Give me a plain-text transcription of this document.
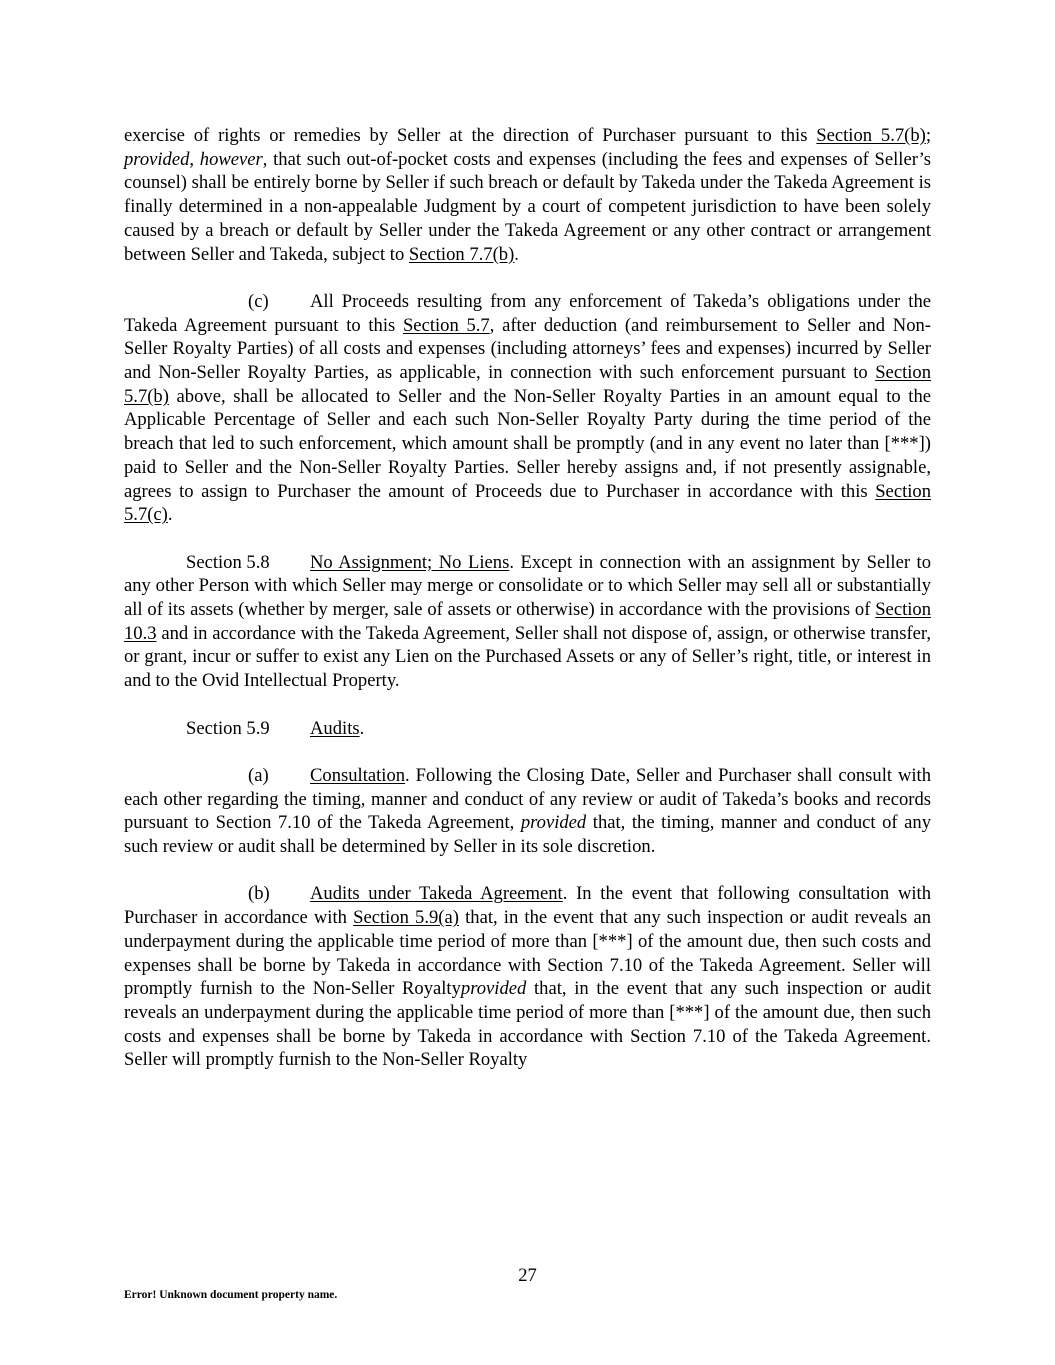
exercise of rights or remedies by Seller at the direction of Purchaser pursuant to this Section 5.7(b); provided, however, that such out-of-pocket costs and expenses (including the fees and expenses of Seller’s counsel) shall be entirely borne by Seller if such breach or default by Takeda under the Takeda Agreement is finally determined in a non-appealable Judgment by a court of competent jurisdiction to have been solely caused by a breach or default by Seller under the Takeda Agreement or any other contract or arrangement between Seller and Takeda, subject to Section 7.7(b).

(c) All Proceeds resulting from any enforcement of Takeda’s obligations under the Takeda Agreement pursuant to this Section 5.7, after deduction (and reimbursement to Seller and Non-Seller Royalty Parties) of all costs and expenses (including attorneys’ fees and expenses) incurred by Seller and Non-Seller Royalty Parties, as applicable, in connection with such enforcement pursuant to Section 5.7(b) above, shall be allocated to Seller and the Non-Seller Royalty Parties in an amount equal to the Applicable Percentage of Seller and each such Non-Seller Royalty Party during the time period of the breach that led to such enforcement, which amount shall be promptly (and in any event no later than [***]) paid to Seller and the Non-Seller Royalty Parties. Seller hereby assigns and, if not presently assignable, agrees to assign to Purchaser the amount of Proceeds due to Purchaser in accordance with this Section 5.7(c).

Section 5.8 No Assignment; No Liens. Except in connection with an assignment by Seller to any other Person with which Seller may merge or consolidate or to which Seller may sell all or substantially all of its assets (whether by merger, sale of assets or otherwise) in accordance with the provisions of Section 10.3 and in accordance with the Takeda Agreement, Seller shall not dispose of, assign, or otherwise transfer, or grant, incur or suffer to exist any Lien on the Purchased Assets or any of Seller’s right, title, or interest in and to the Ovid Intellectual Property.

Section 5.9 Audits.

(a) Consultation. Following the Closing Date, Seller and Purchaser shall consult with each other regarding the timing, manner and conduct of any review or audit of Takeda’s books and records pursuant to Section 7.10 of the Takeda Agreement, provided that, the timing, manner and conduct of any such review or audit shall be determined by Seller in its sole discretion.

(b) Audits under Takeda Agreement. In the event that following consultation with Purchaser in accordance with Section 5.9(a) that, in the event that any such inspection or audit reveals an underpayment during the applicable time period of more than [***] of the amount due, then such costs and expenses shall be borne by Takeda in accordance with Section 7.10 of the Takeda Agreement. Seller will promptly furnish to the Non-Seller Royaltyprovided that, in the event that any such inspection or audit reveals an underpayment during the applicable time period of more than [***] of the amount due, then such costs and expenses shall be borne by Takeda in accordance with Section 7.10 of the Takeda Agreement. Seller will promptly furnish to the Non-Seller Royalty

27
Error! Unknown document property name.
